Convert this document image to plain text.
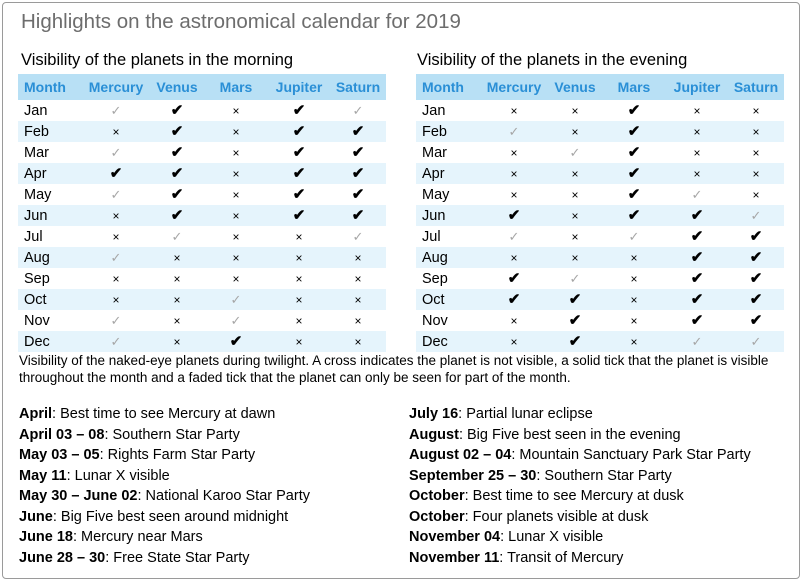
Highlights on the astronomical calendar for 2019
Visibility of the planets in the morning	Visibility of the planets in the evening
Month	Mercury	Venus	Mars	Jupiter	Saturn
Jan	✓	✔	×	✔	✓
Feb	×	✔	×	✔	✔
Mar	✓	✔	×	✔	✔
Apr	✔	✔	×	✔	✔
May	✓	✔	×	✔	✔
Jun	×	✔	×	✔	✔
Jul	×	✓	×	×	✓
Aug	✓	×	×	×	×
Sep	×	×	×	×	×
Oct	×	×	✓	×	×
Nov	✓	×	✓	×	×
Dec	✓	×	✔	×	×
Month	Mercury	Venus	Mars	Jupiter	Saturn
Jan	×	×	✔	×	×
Feb	✓	×	✔	×	×
Mar	×	✓	✔	×	×
Apr	×	×	✔	×	×
May	×	×	✔	✓	×
Jun	✔	×	✔	✔	✓
Jul	✓	×	✓	✔	✔
Aug	×	×	×	✔	✔
Sep	✔	✓	×	✔	✔
Oct	✔	✔	×	✔	✔
Nov	×	✔	×	✔	✔
Dec	×	✔	×	✓	✓
Visibility of the naked-eye planets during twilight. A cross indicates the planet is not visible, a solid tick that the planet is visible throughout the month and a faded tick that the planet can only be seen for part of the month.
April: Best time to see Mercury at dawn
April 03 – 08: Southern Star Party
May 03 – 05: Rights Farm Star Party
May 11: Lunar X visible
May 30 – June 02: National Karoo Star Party
June: Big Five best seen around midnight
June 18: Mercury near Mars
June 28 – 30: Free State Star Party
July 16: Partial lunar eclipse
August: Big Five best seen in the evening
August 02 – 04: Mountain Sanctuary Park Star Party
September 25 – 30: Southern Star Party
October: Best time to see Mercury at dusk
October: Four planets visible at dusk
November 04: Lunar X visible
November 11: Transit of Mercury
